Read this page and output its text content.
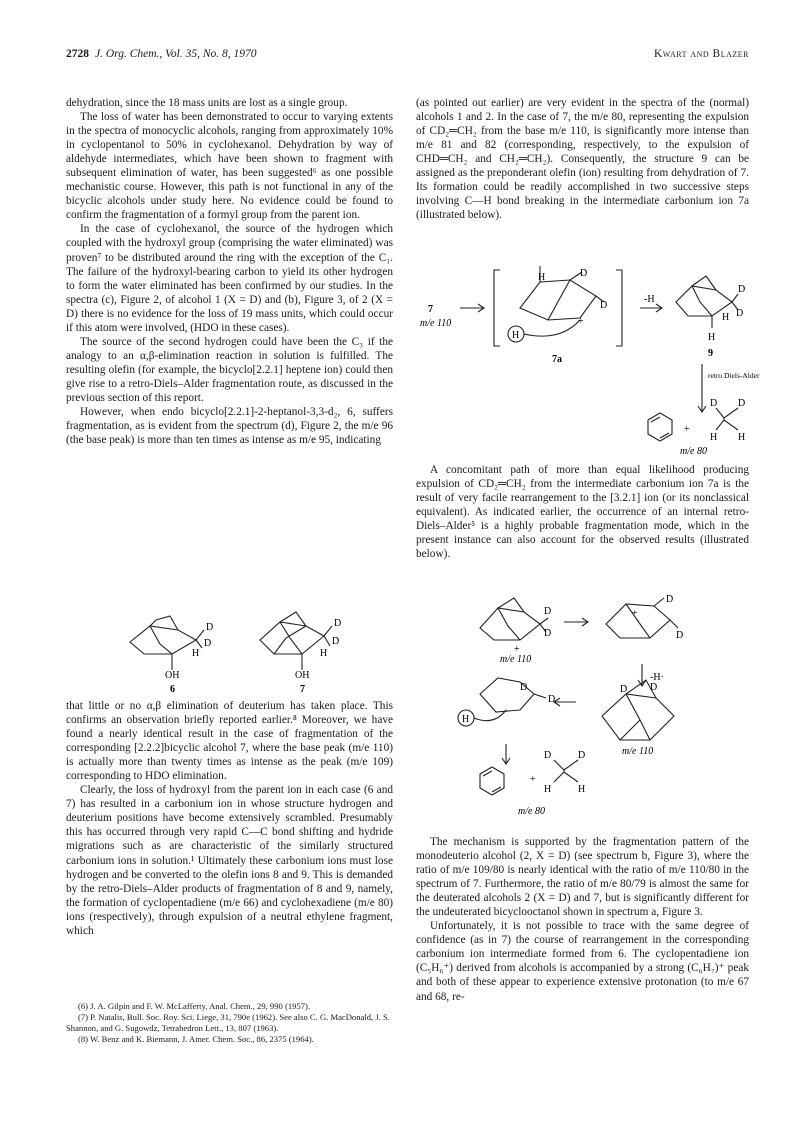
2728 J. Org. Chem., Vol. 35, No. 8, 1970	Kwart and Blazer

dehydration, since the 18 mass units are lost as a single group.

The loss of water has been demonstrated to occur to varying extents in the spectra of monocyclic alcohols, ranging from approximately 10% in cyclopentanol to 50% in cyclohexanol. Dehydration by way of aldehyde intermediates, which have been shown to fragment with subsequent elimination of water, has been suggested⁶ as one possible mechanistic course. However, this path is not functional in any of the bicyclic alcohols under study here. No evidence could be found to confirm the fragmentation of a formyl group from the parent ion.

In the case of cyclohexanol, the source of the hydrogen which coupled with the hydroxyl group (comprising the water eliminated) was proven⁷ to be distributed around the ring with the exception of the C₁. The failure of the hydroxyl-bearing carbon to yield its other hydrogen to form the water eliminated has been confirmed by our studies. In the spectra (c), Figure 2, of alcohol 1 (X = D) and (b), Figure 3, of 2 (X = D) there is no evidence for the loss of 19 mass units, which could occur if this atom were involved, (HDO in these cases).

The source of the second hydrogen could have been the C₃ if the analogy to an α,β-elimination reaction in solution is fulfilled. The resulting olefin (for example, the bicyclo[2.2.1] heptene ion) could then give rise to a retro-Diels–Alder fragmentation route, as discussed in the previous section of this report.

However, when endo bicyclo[2.2.1]-2-heptanol-3,3-d₂, 6, suffers fragmentation, as is evident from the spectrum (d), Figure 2, the m/e 96 (the base peak) is more than ten times as intense as m/e 95, indicating

D
D
H
OH
6
D
D
H
OH
7

that little or no α,β elimination of deuterium has taken place. This confirms an observation briefly reported earlier.⁸ Moreover, we have found a nearly identical result in the case of fragmentation of the corresponding [2.2.2]bicyclic alcohol 7, where the base peak (m/e 110) is actually more than twenty times as intense as the peak (m/e 109) corresponding to HDO elimination.

Clearly, the loss of hydroxyl from the parent ion in each case (6 and 7) has resulted in a carbonium ion in whose structure hydrogen and deuterium positions have become extensively scrambled. Presumably this has occurred through very rapid C—C bond shifting and hydride migrations such as are characteristic of the similarly structured carbonium ions in solution.¹ Ultimately these carbonium ions must lose hydrogen and be converted to the olefin ions 8 and 9. This is demanded by the retro-Diels–Alder products of fragmentation of 8 and 9, namely, the formation of cyclopentadiene (m/e 66) and cyclohexadiene (m/e 80) ions (respectively), through expulsion of a neutral ethylene fragment, which

(6) J. A. Gilpin and F. W. McLafferty, Anal. Chem., 29, 990 (1957).
(7) P. Natalis, Bull. Soc. Roy. Sci. Liege, 31, 790e (1962). See also C. G. MacDonald, J. S. Shannon, and G. Sugowdz, Tetrahedron Lett., 13, 807 (1963).
(8) W. Benz and K. Biemann, J. Amer. Chem. Soc., 86, 2375 (1964).

(as pointed out earlier) are very evident in the spectra of the (normal) alcohols 1 and 2. In the case of 7, the m/e 80, representing the expulsion of CD₂═CH₂ from the base m/e 110, is significantly more intense than m/e 81 and 82 (corresponding, respectively, to the expulsion of CHD═CH₂ and CH₂═CH₂). Consequently, the structure 9 can be assigned as the preponderant olefin (ion) resulting from dehydration of 7. Its formation could be readily accomplished in two successive steps involving C—H bond breaking in the intermediate carbonium ion 7a (illustrated below).

7
m/e 110
H	D
D
H
+
7a
-H
D
D
H
H
9
retro Diels-Alder
+
D D
H H
m/e 80

A concomitant path of more than equal likelihood producing expulsion of CD₂═CH₂ from the intermediate carbonium ion 7a is the result of very facile rearrangement to the [3.2.1] ion (or its nonclassical equivalent). As indicated earlier, the occurrence of an internal retro-Diels–Alder⁵ is a highly probable fragmentation mode, which in the present instance can also account for the observed results (illustrated below).

D
D
+
m/e 110
D
D
+
-H·
D D
m/e 110
D
D
H
+
D	D
H	H
m/e 80

The mechanism is supported by the fragmentation pattern of the monodeuterio alcohol (2, X = D) (see spectrum b, Figure 3), where the ratio of m/e 109/80 is nearly identical with the ratio of m/e 110/80 in the spectrum of 7. Furthermore, the ratio of m/e 80/79 is almost the same for the deuterated alcohols 2 (X = D) and 7, but is significantly different for the undeuterated bicyclooctanol shown in spectrum a, Figure 3.

Unfortunately, it is not possible to trace with the same degree of confidence (as in 7) the course of rearrangement in the corresponding carbonium ion intermediate formed from 6. The cyclopentadiene ion (C₅H₆⁺) derived from alcohols is accompanied by a strong (C₆H₇)⁺ peak and both of these appear to experience extensive protonation (to m/e 67 and 68, re-
